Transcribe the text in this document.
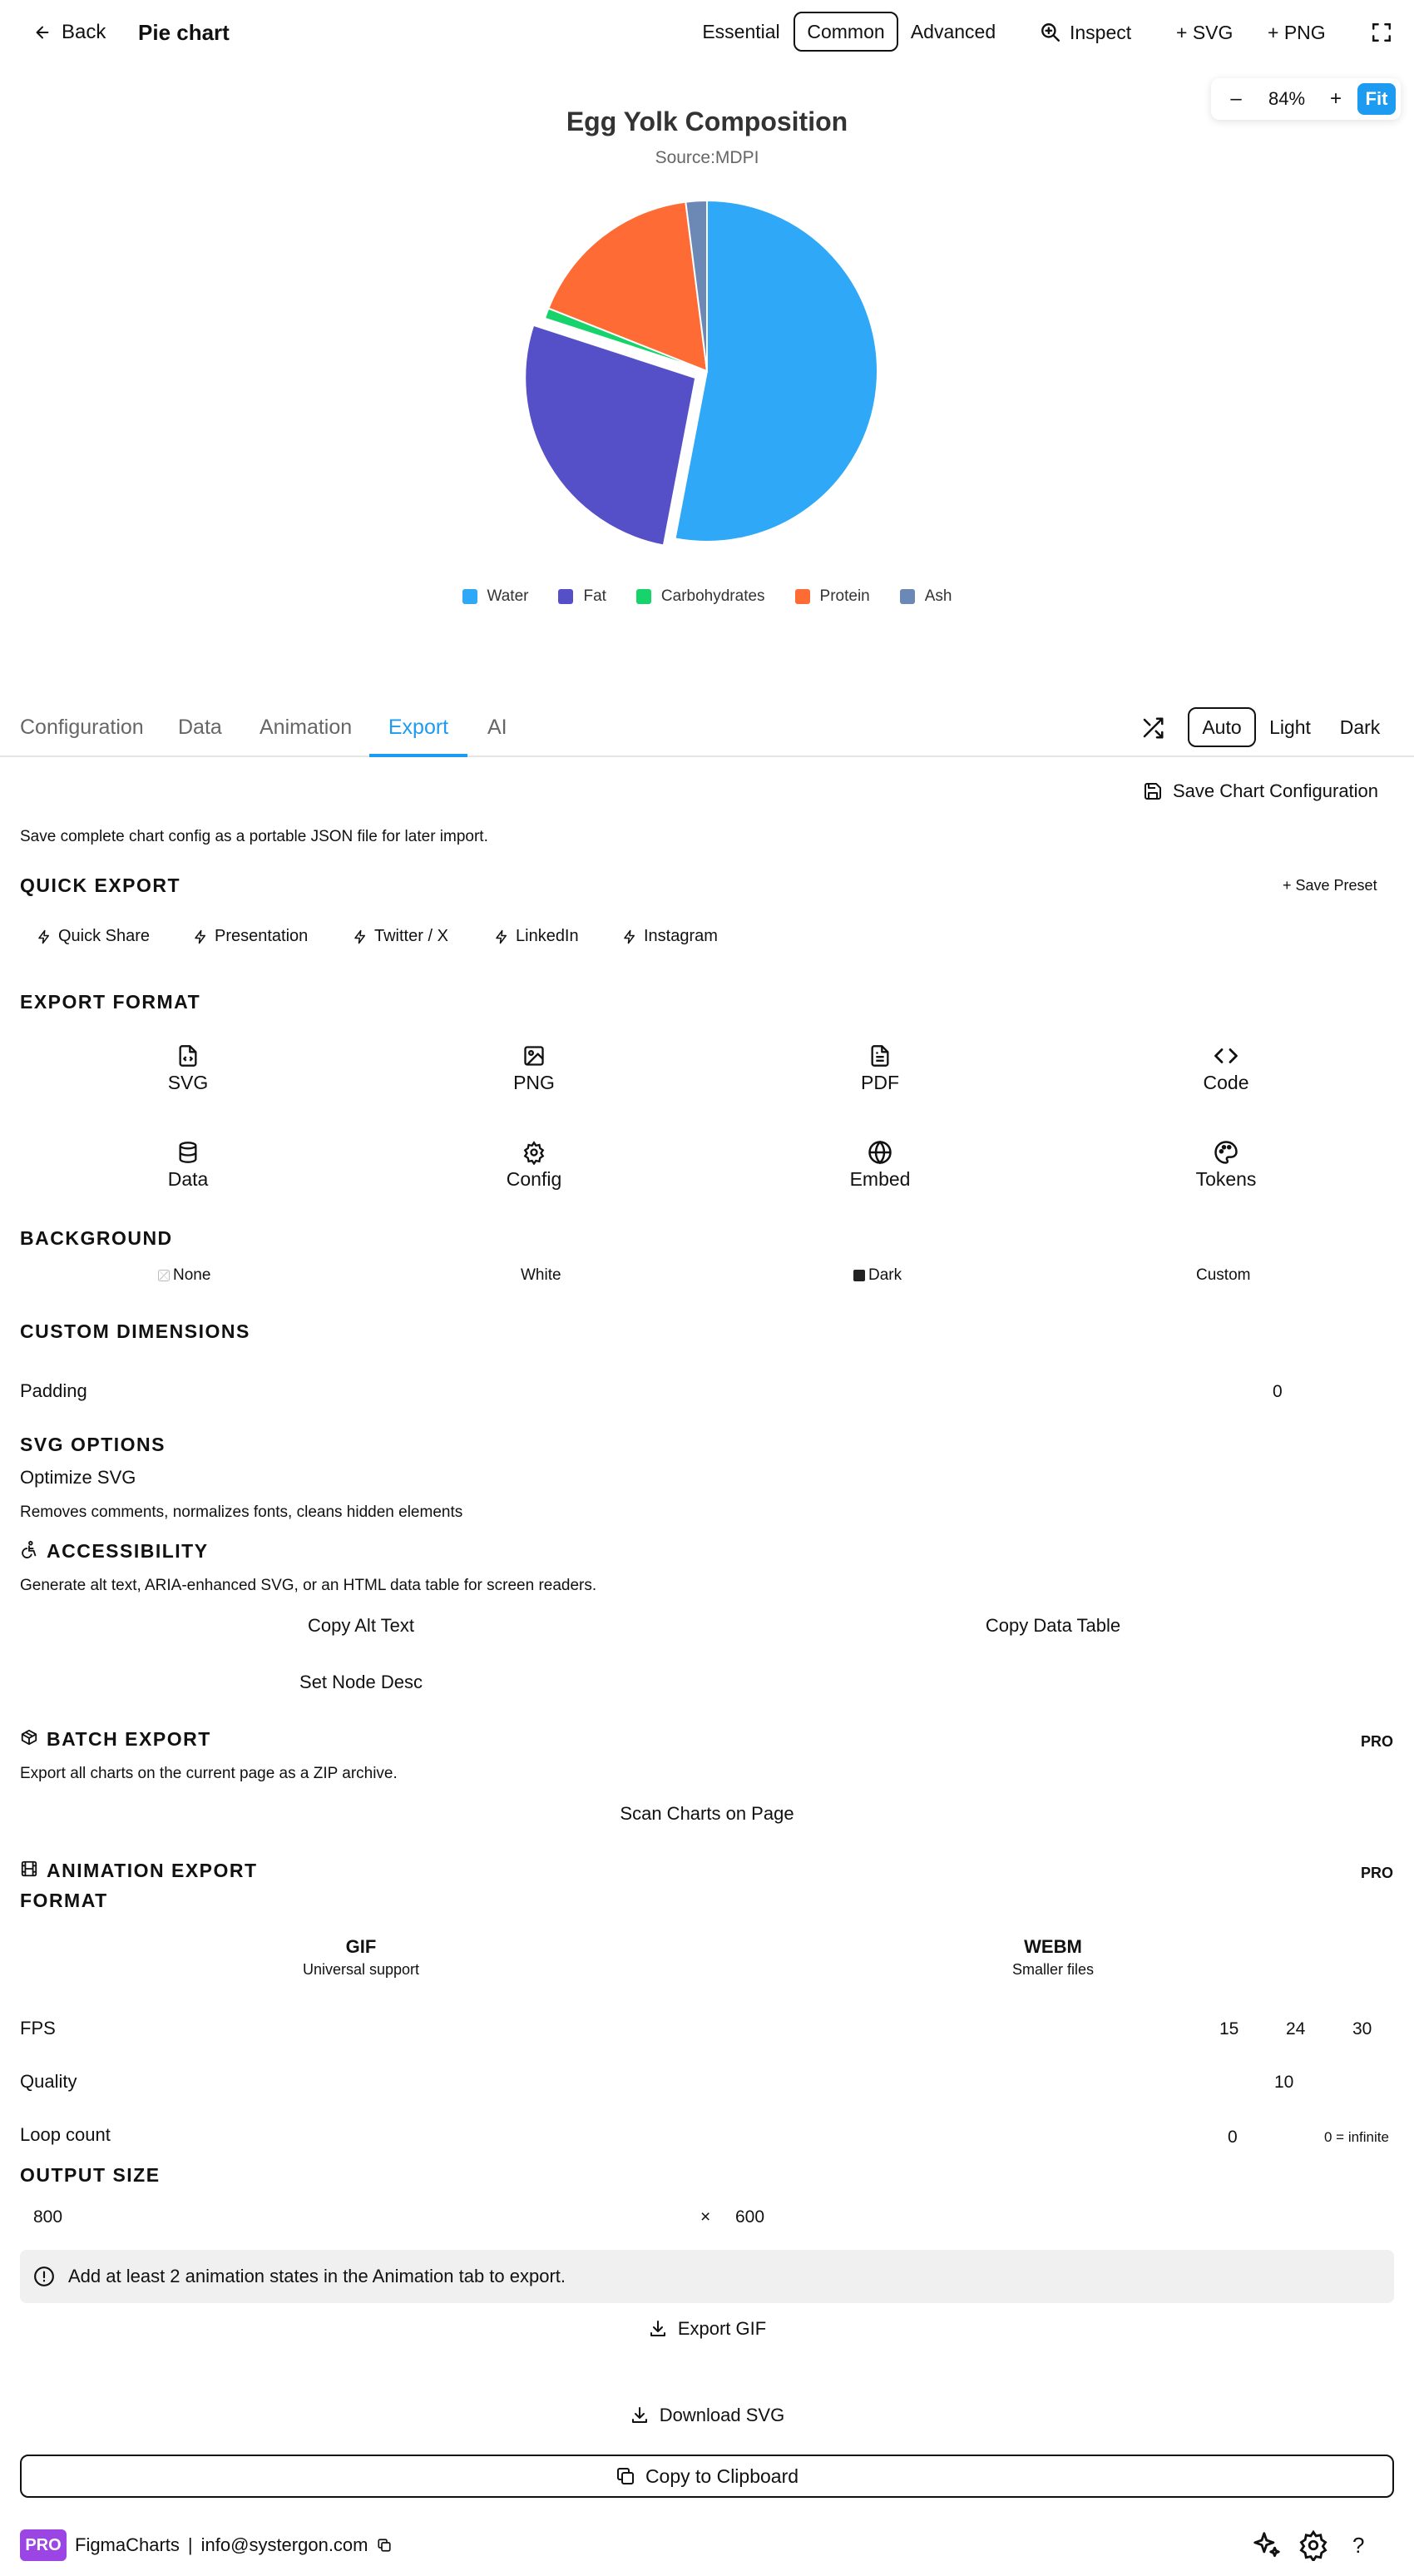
Back Pie chart	Essential	Common	Advanced	Inspect + SVG + PNG
–	84%	+	Fit
Egg Yolk Composition
Source:MDPI
Water	Fat	Carbohydrates	Protein	Ash
Configuration Data Animation	Export	AI	Auto	Light	Dark
Save Chart Configuration
Save complete chart config as a portable JSON file for later import.
QUICK EXPORT	+ Save Preset
Quick Share	Presentation	Twitter / X	LinkedIn	Instagram
EXPORT FORMAT
SVG	PNG	PDF	Code
Data	Config	Embed	Tokens
BACKGROUND
None	White	Dark	Custom
CUSTOM DIMENSIONS
Padding	0
SVG OPTIONS
Optimize SVG
Removes comments, normalizes fonts, cleans hidden elements
ACCESSIBILITY
Generate alt text, ARIA-enhanced SVG, or an HTML data table for screen readers.
Copy Alt Text	Copy Data Table
Set Node Desc
BATCH EXPORT	PRO
Export all charts on the current page as a ZIP archive.
Scan Charts on Page
ANIMATION EXPORT	PRO
FORMAT
GIF
Universal support
WEBM
Smaller files
FPS	15	24	30
Quality	10
Loop count	0	0 = infinite
OUTPUT SIZE
800	× 600
Add at least 2 animation states in the Animation tab to export.
Export GIF
Download SVG
Copy to Clipboard
PRO FigmaCharts | info@systergon.com	?
